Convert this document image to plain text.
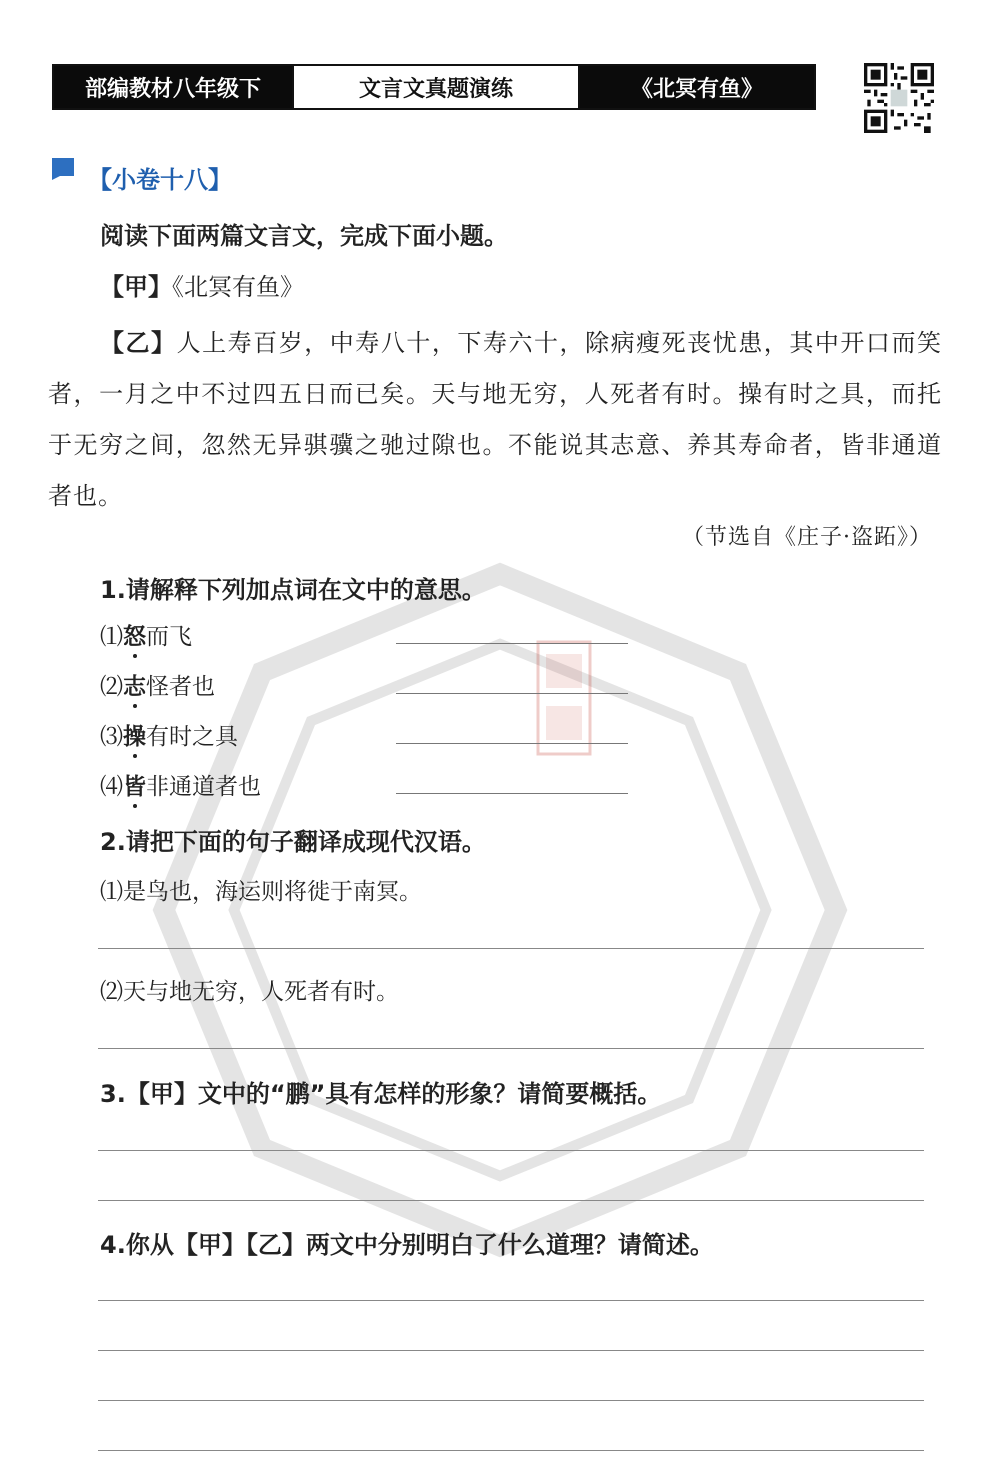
部编教材八年级下	文言文真题演练	《北冥有鱼》
【小卷十八】
阅读下面两篇文言文，完成下面小题。
【甲】《北冥有鱼》
【乙】人上寿百岁，中寿八十，下寿六十，除病瘦死丧忧患，其中开口而笑者，一月之中不过四五日而已矣。天与地无穷，人死者有时。操有时之具，而托于无穷之间，忽然无异骐骥之驰过隙也。不能说其志意、养其寿命者，皆非通道者也。
（节选自《庄子·盗跖》）
1.请解释下列加点词在文中的意思。
⑴怒而飞
⑵志怪者也
⑶操有时之具
⑷皆非通道者也
2.请把下面的句子翻译成现代汉语。
⑴是鸟也，海运则将徙于南冥。
⑵天与地无穷，人死者有时。
3.【甲】文中的“鹏”具有怎样的形象？请简要概括。
4.你从【甲】【乙】两文中分别明白了什么道理？请简述。
